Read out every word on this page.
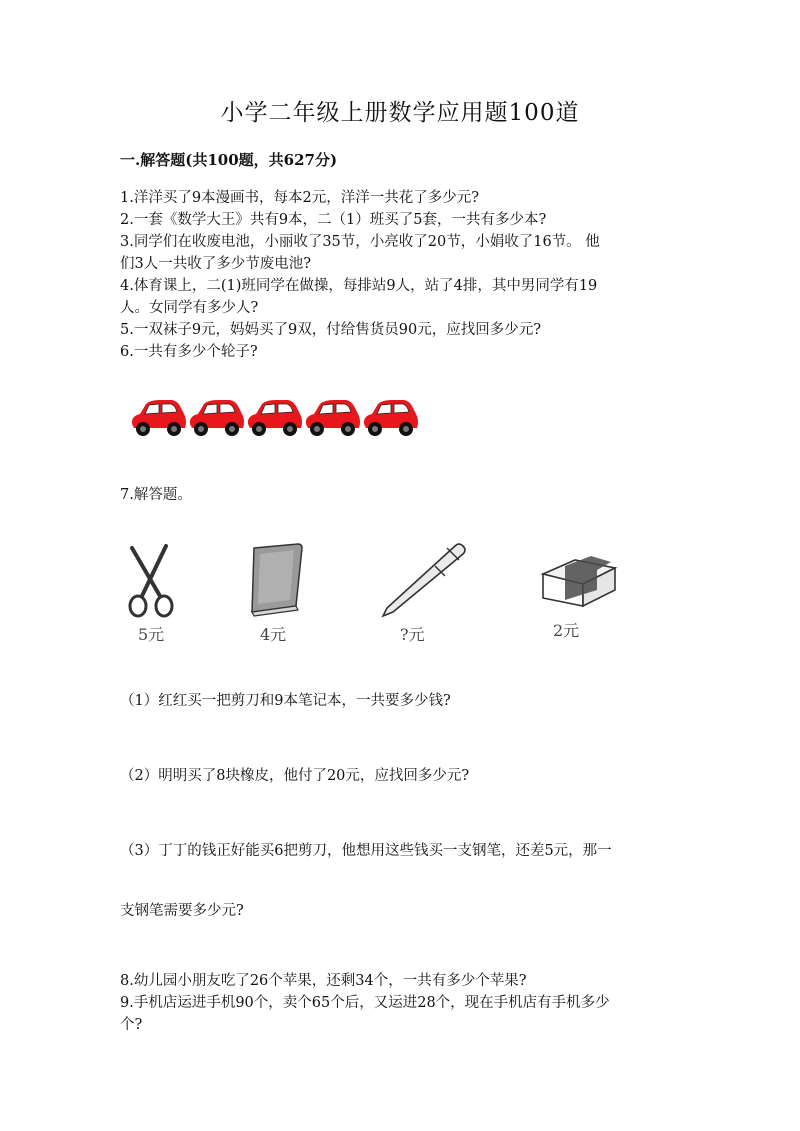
小学二年级上册数学应用题100道
一.解答题(共100题，共627分)
1.洋洋买了9本漫画书，每本2元，洋洋一共花了多少元?
2.一套《数学大王》共有9本，二（1）班买了5套，一共有多少本?
3.同学们在收废电池，小丽收了35节，小亮收了20节，小娟收了16节。 他
们3人一共收了多少节废电池?
4.体育课上，二(1)班同学在做操，每排站9人，站了4排，其中男同学有19
人。女同学有多少人?
5.一双袜子9元，妈妈买了9双，付给售货员90元，应找回多少元?
6.一共有多少个轮子?
7.解答题。
5元	4元	?元	2元
（1）红红买一把剪刀和9本笔记本，一共要多少钱?
（2）明明买了8块橡皮，他付了20元，应找回多少元?
（3）丁丁的钱正好能买6把剪刀，他想用这些钱买一支钢笔，还差5元，那一
支钢笔需要多少元?
8.幼儿园小朋友吃了26个苹果，还剩34个，一共有多少个苹果?
9.手机店运进手机90个，卖个65个后，又运进28个，现在手机店有手机多少
个?
